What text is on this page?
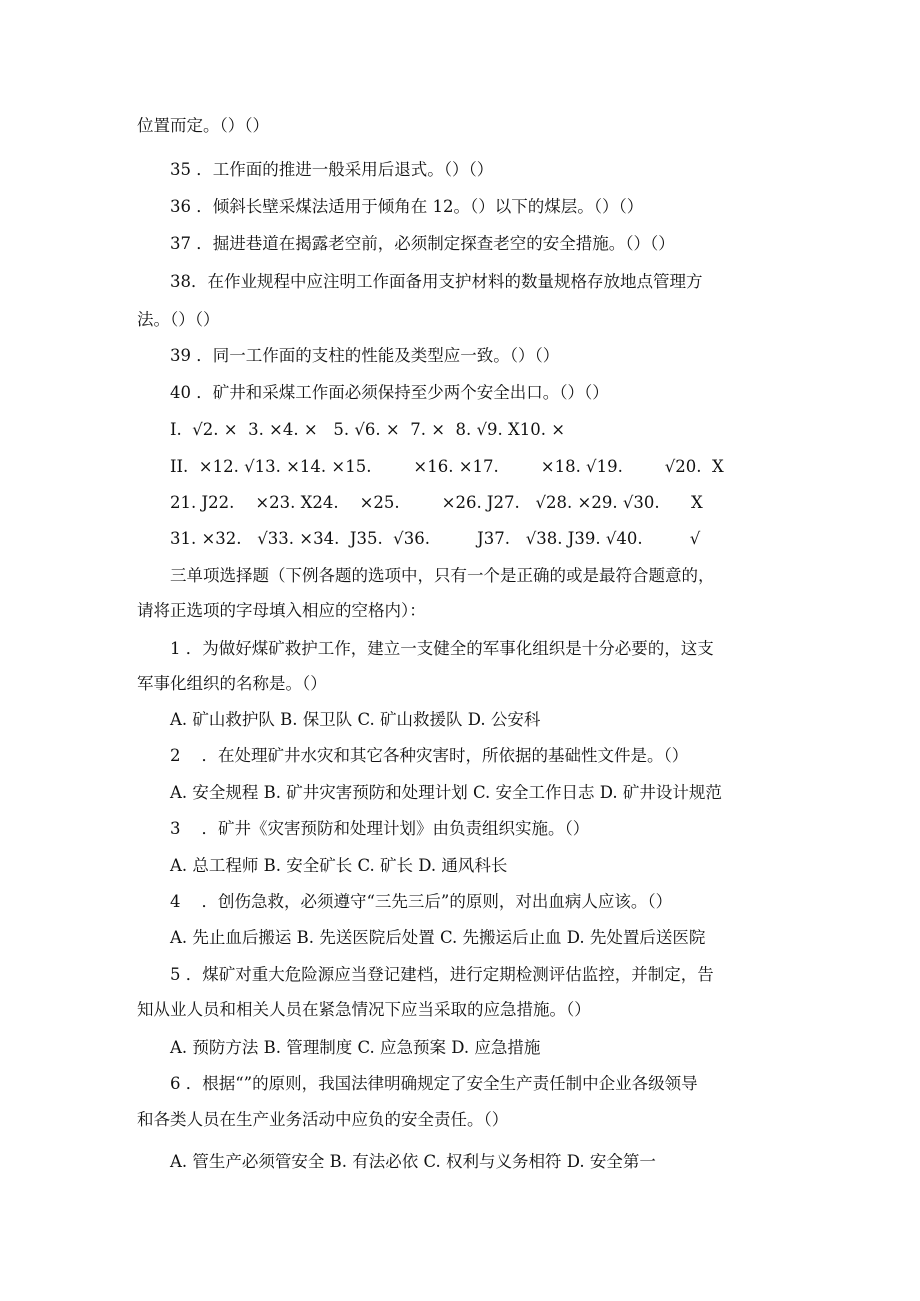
位置而定。（）（）
35 ．工作面的推进一般采用后退式。（）（）
36 ．倾斜长壁采煤法适用于倾角在 12。（）以下的煤层。（）（）
37 ．掘进巷道在揭露老空前，必须制定探查老空的安全措施。（）（）
38．在作业规程中应注明工作面备用支护材料的数量规格存放地点管理方
法。（）（）
39 ．同一工作面的支柱的性能及类型应一致。（）（）
40 ．矿井和采煤工作面必须保持至少两个安全出口。（）（）
I.  √2. ×  3. ×4. ×   5. √6. ×  7. ×  8. √9. X10. ×
II.  ×12. √13. ×14. ×15.        ×16. ×17.        ×18. √19.        √20.  X
21. J22.    ×23. X24.    ×25.        ×26. J27.   √28. ×29. √30.      X
31. ×32.   √33. ×34.  J35.  √36.         J37.   √38. J39. √40.         √
三单项选择题（下例各题的选项中，只有一个是正确的或是最符合题意的，
请将正选项的字母填入相应的空格内）：
1 ．为做好煤矿救护工作，建立一支健全的军事化组织是十分必要的，这支
军事化组织的名称是。（）
A. 矿山救护队 B. 保卫队 C. 矿山救援队 D. 公安科
2    ．在处理矿井水灾和其它各种灾害时，所依据的基础性文件是。（）
A. 安全规程 B. 矿井灾害预防和处理计划 C. 安全工作日志 D. 矿井设计规范
3    ．矿井《灾害预防和处理计划》由负责组织实施。（）
A. 总工程师 B. 安全矿长 C. 矿长 D. 通风科长
4    ．创伤急救，必须遵守“三先三后”的原则，对出血病人应该。（）
A. 先止血后搬运 B. 先送医院后处置 C. 先搬运后止血 D. 先处置后送医院
5 ．煤矿对重大危险源应当登记建档，进行定期检测评估监控，并制定，告
知从业人员和相关人员在紧急情况下应当采取的应急措施。（）
A. 预防方法 B. 管理制度 C. 应急预案 D. 应急措施
6 ．根据“”的原则，我国法律明确规定了安全生产责任制中企业各级领导
和各类人员在生产业务活动中应负的安全责任。（）
A. 管生产必须管安全 B. 有法必依 C. 权利与义务相符 D. 安全第一
